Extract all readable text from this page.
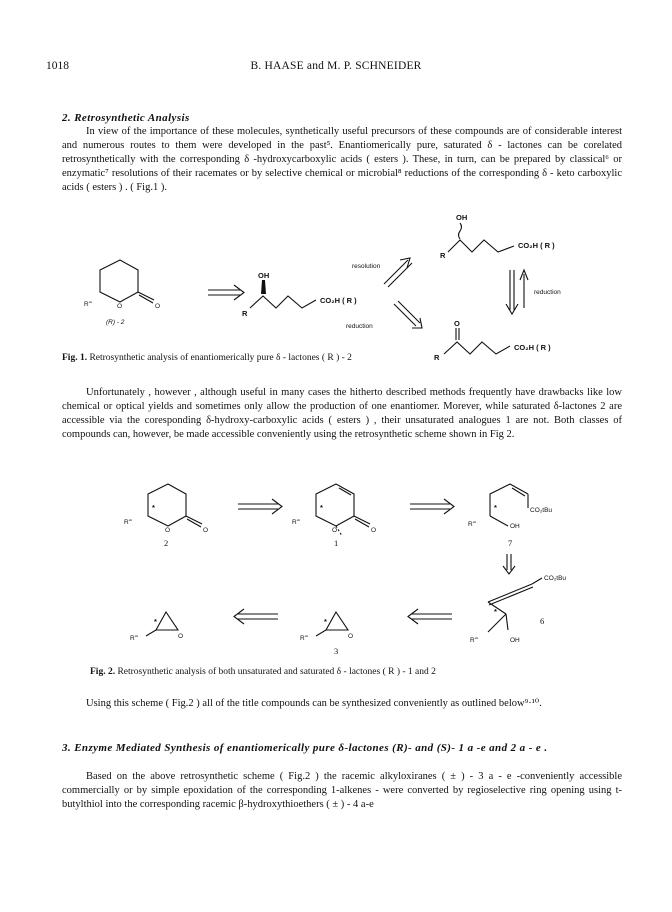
1018	B. HAASE and M. P. SCHNEIDER
2. Retrosynthetic Analysis
In view of the importance of these molecules, synthetically useful precursors of these compounds are of considerable interest and numerous routes to them were developed in the past⁵. Enantiomerically pure, saturated δ - lactones can be corelated retrosynthetically with the corresponding δ -hydroxycarboxylic acids ( esters ). These, in turn, can be prepared by classical⁶ or enzymatic⁷ resolutions of their racemates or by selective chemical or microbial⁸ reductions of the corresponding δ - keto carboxylic acids ( esters ) . ( Fig.1 ).
R'''	O	O
(R) - 2
OH
R
CO₂H ( R )
resolution
OH
R
CO₂H ( R )
reduction
reduction	O
R
CO₂H ( R )
Fig. 1. Retrosynthetic analysis of enantiomerically pure δ - lactones ( R ) - 2
Unfortunately , however , although useful in many cases the hitherto described methods frequently have drawbacks like low chemical or optical yields and sometimes only allow the production of one enantiomer. Morever, while saturated δ-lactones 2 are accessible via the coresponding δ-hydroxy-carboxylic acids ( esters ) , their unsaturated analogues 1 are not. Both classes of compounds can, however, be made accessible conveniently using the retrosynthetic scheme shown in Fig 2.
R'''
O	O
*
2
R'''
O	O
*
1
R'''	OH
CO₂tBu
*
7
CO₂tBu
R'''	OH
*
6
R'''	O
*
3
R'''	O
*
Fig. 2. Retrosynthetic analysis of both unsaturated and saturated δ - lactones ( R ) - 1 and 2
Using this scheme ( Fig.2 ) all of the title compounds can be synthesized conveniently as outlined below⁹·¹⁰.
3. Enzyme Mediated Synthesis of enantiomerically pure δ-lactones (R)- and (S)- 1 a -e and 2 a - e .
Based on the above retrosynthetic scheme ( Fig.2 ) the racemic alkyloxiranes ( ± ) - 3 a - e -conveniently accessible commercially or by simple epoxidation of the corresponding 1-alkenes - were converted by regioselective ring opening using t-butylthiol into the corresponding racemic β-hydroxythioethers ( ± ) - 4 a-e
